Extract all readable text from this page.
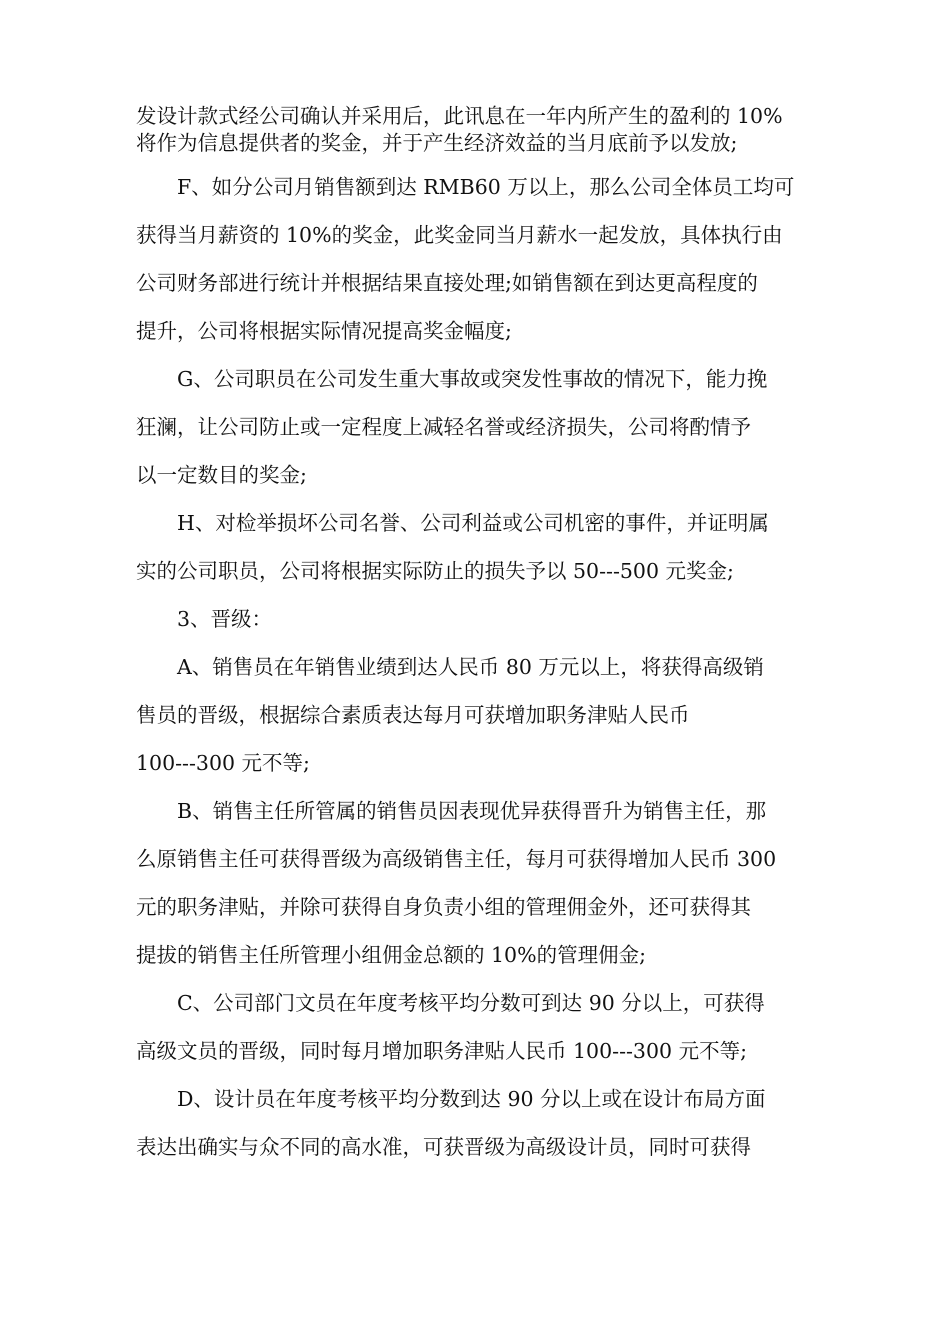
发设计款式经公司确认并采用后，此讯息在一年内所产生的盈利的 10%
将作为信息提供者的奖金，并于产生经济效益的当月底前予以发放;

F、如分公司月销售额到达 RMB60 万以上，那么公司全体员工均可
获得当月薪资的 10%的奖金，此奖金同当月薪水一起发放，具体执行由
公司财务部进行统计并根据结果直接处理;如销售额在到达更高程度的
提升，公司将根据实际情况提高奖金幅度;

G、公司职员在公司发生重大事故或突发性事故的情况下，能力挽
狂澜，让公司防止或一定程度上减轻名誉或经济损失，公司将酌情予
以一定数目的奖金;

H、对检举损坏公司名誉、公司利益或公司机密的事件，并证明属
实的公司职员，公司将根据实际防止的损失予以 50---500 元奖金;

3、晋级：

A、销售员在年销售业绩到达人民币 80 万元以上，将获得高级销
售员的晋级，根据综合素质表达每月可获增加职务津贴人民币
100---300 元不等;

B、销售主任所管属的销售员因表现优异获得晋升为销售主任，那
么原销售主任可获得晋级为高级销售主任，每月可获得增加人民币 300
元的职务津贴，并除可获得自身负责小组的管理佣金外，还可获得其
提拔的销售主任所管理小组佣金总额的 10%的管理佣金;

C、公司部门文员在年度考核平均分数可到达 90 分以上，可获得
高级文员的晋级，同时每月增加职务津贴人民币 100---300 元不等;

D、设计员在年度考核平均分数到达 90 分以上或在设计布局方面
表达出确实与众不同的高水准，可获晋级为高级设计员，同时可获得
